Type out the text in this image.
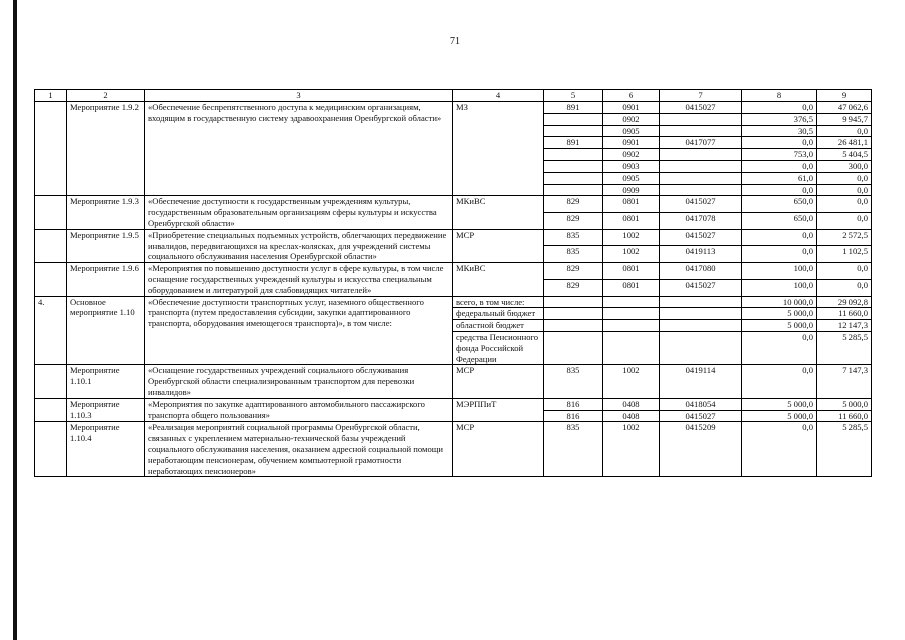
71
1	2	3	4	5	6	7	8	9
	Мероприятие 1.9.2	«Обеспечение беспрепятственного доступа к медицинским организациям, входящим в государственную систему здравоохранения Оренбургской области»	МЗ	891	0901	0415027	0,0	47 062,6
					0902		376,5	9 945,7
					0905		30,5	0,0
				891	0901	0417077	0,0	26 481,1
					0902		753,0	5 404,5
					0903		0,0	300,0
					0905		61,0	0,0
					0909		0,0	0,0
	Мероприятие 1.9.3	«Обеспечение доступности к государственным учреждениям культуры, государственным образовательным организациям сферы культуры и искусства Оренбургской области»	МКиВС	829	0801	0415027	650,0	0,0
				829	0801	0417078	650,0	0,0
	Мероприятие 1.9.5	«Приобретение специальных подъемных устройств, облегчающих передвижение инвалидов, передвигающихся на креслах-колясках, для учреждений системы социального обслуживания населения Оренбургской области»	МСР	835	1002	0415027	0,0	2 572,5
				835	1002	0419113	0,0	1 102,5
	Мероприятие 1.9.6	«Мероприятия по повышению доступности услуг в сфере культуры, в том числе оснащение государственных учреждений культуры и искусства специальным оборудованием и литературой для слабовидящих читателей»	МКиВС	829	0801	0417080	100,0	0,0
				829	0801	0415027	100,0	0,0
4.	Основное мероприятие 1.10	«Обеспечение доступности транспортных услуг, наземного общественного транспорта (путем предоставления субсидии, закупки адаптированного транспорта, оборудования имеющегося транспорта)», в том числе:	всего, в том числе:				10 000,0	29 092,8
			федеральный бюджет				5 000,0	11 660,0
			областной бюджет				5 000,0	12 147,3
			средства Пенсионного фонда Российской Федерации				0,0	5 285,5
	Мероприятие 1.10.1	«Оснащение государственных учреждений социального обслуживания Оренбургской области специализированным транспортом для перевозки инвалидов»	МСР	835	1002	0419114	0,0	7 147,3
	Мероприятие 1.10.3	«Мероприятия по закупке адаптированного автомобильного пассажирского транспорта общего пользования»	МЭРППиТ	816	0408	0418054	5 000,0	5 000,0
				816	0408	0415027	5 000,0	11 660,0
	Мероприятие 1.10.4	«Реализация мероприятий социальной программы Оренбургской области, связанных с укреплением материально-технической базы учреждений социального обслуживания населения, оказанием адресной социальной помощи неработающим пенсионерам, обучением компьютерной грамотности неработающих пенсионеров»	МСР	835	1002	0415209	0,0	5 285,5
